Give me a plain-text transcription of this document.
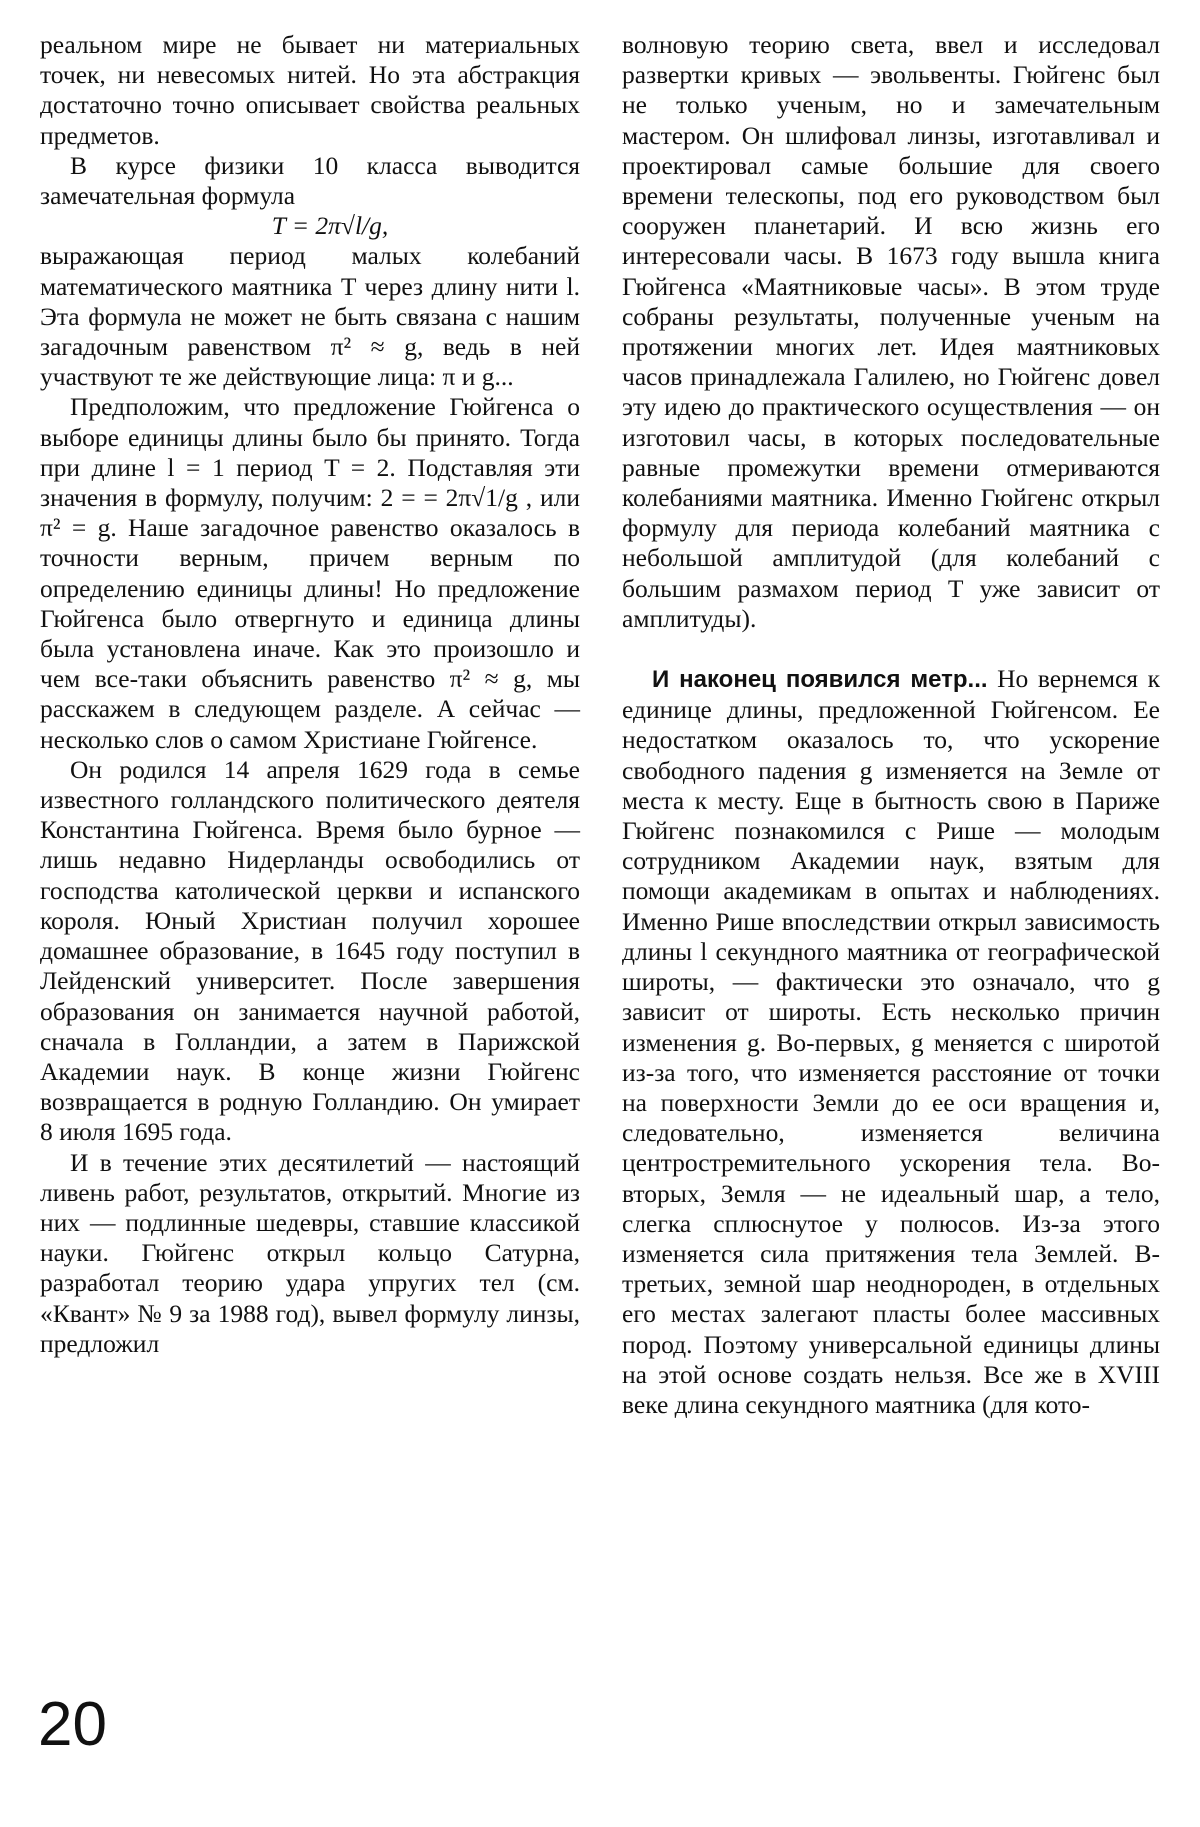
реальном мире не бывает ни материальных точек, ни невесомых нитей. Но эта абстракция достаточно точно описывает свойства реальных предметов.

В курсе физики 10 класса выводится замечательная формула

T = 2π√l/g,

выражающая период малых колебаний математического маятника T через длину нити l. Эта формула не может не быть связана с нашим загадочным равенством π² ≈ g, ведь в ней участвуют те же действующие лица: π и g...

Предположим, что предложение Гюйгенса о выборе единицы длины было бы принято. Тогда при длине l = 1 период T = 2. Подставляя эти значения в формулу, получим: 2 = = 2π√1/g , или π² = g. Наше загадочное равенство оказалось в точности верным, причем верным по определению единицы длины! Но предложение Гюйгенса было отвергнуто и единица длины была установлена иначе. Как это произошло и чем все-таки объяснить равенство π² ≈ g, мы расскажем в следующем разделе. А сейчас — несколько слов о самом Христиане Гюйгенсе.

Он родился 14 апреля 1629 года в семье известного голландского политического деятеля Константина Гюйгенса. Время было бурное — лишь недавно Нидерланды освободились от господства католической церкви и испанского короля. Юный Христиан получил хорошее домашнее образование, в 1645 году поступил в Лейденский университет. После завершения образования он занимается научной работой, сначала в Голландии, а затем в Парижской Академии наук. В конце жизни Гюйгенс возвращается в родную Голландию. Он умирает 8 июля 1695 года.

И в течение этих десятилетий — настоящий ливень работ, результатов, открытий. Многие из них — подлинные шедевры, ставшие классикой науки. Гюйгенс открыл кольцо Сатурна, разработал теорию удара упругих тел (см. «Квант» № 9 за 1988 год), вывел формулу линзы, предложил

волновую теорию света, ввел и исследовал развертки кривых — эвольвенты. Гюйгенс был не только ученым, но и замечательным мастером. Он шлифовал линзы, изготавливал и проектировал самые большие для своего времени телескопы, под его руководством был сооружен планетарий. И всю жизнь его интересовали часы. В 1673 году вышла книга Гюйгенса «Маятниковые часы». В этом труде собраны результаты, полученные ученым на протяжении многих лет. Идея маятниковых часов принадлежала Галилею, но Гюйгенс довел эту идею до практического осуществления — он изготовил часы, в которых последовательные равные промежутки времени отмериваются колебаниями маятника. Именно Гюйгенс открыл формулу для периода колебаний маятника с небольшой амплитудой (для колебаний с большим размахом период T уже зависит от амплитуды).

И наконец появился метр... Но вернемся к единице длины, предложенной Гюйгенсом. Ее недостатком оказалось то, что ускорение свободного падения g изменяется на Земле от места к месту. Еще в бытность свою в Париже Гюйгенс познакомился с Рише — молодым сотрудником Академии наук, взятым для помощи академикам в опытах и наблюдениях. Именно Рише впоследствии открыл зависимость длины l секундного маятника от географической широты, — фактически это означало, что g зависит от широты. Есть несколько причин изменения g. Во-первых, g меняется с широтой из-за того, что изменяется расстояние от точки на поверхности Земли до ее оси вращения и, следовательно, изменяется величина центростремительного ускорения тела. Во-вторых, Земля — не идеальный шар, а тело, слегка сплюснутое у полюсов. Из-за этого изменяется сила притяжения тела Землей. В-третьих, земной шар неоднороден, в отдельных его местах залегают пласты более массивных пород. Поэтому универсальной единицы длины на этой основе создать нельзя. Все же в XVIII веке длина секундного маятника (для кото-

20
